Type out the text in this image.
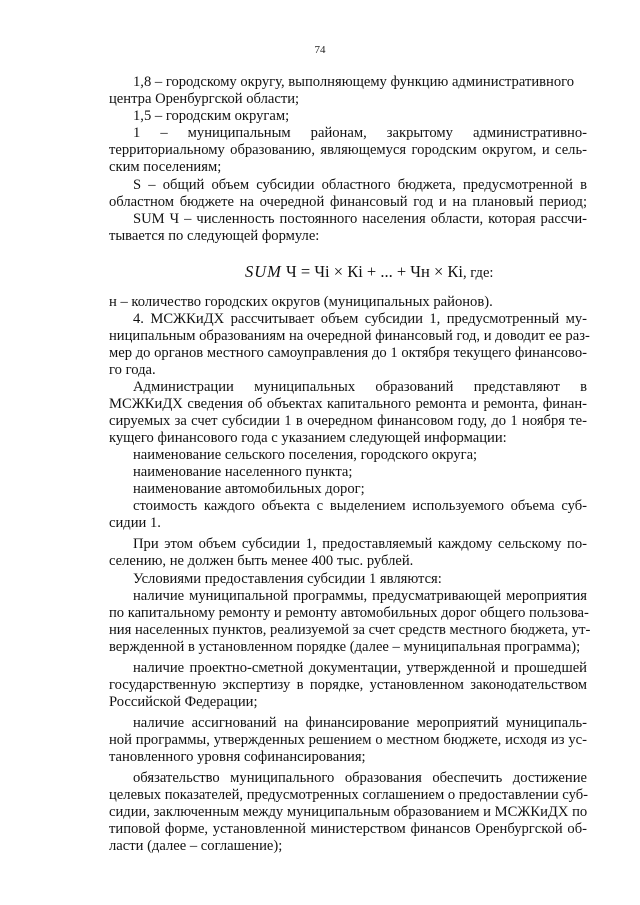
74
1,8 – городскому округу, выполняющему функцию административного
центра Оренбургской области;
1,5 – городским округам;
1 – муниципальным районам, закрытому административно-
территориальному образованию, являющемуся городским округом, и сель-
ским поселениям;
S – общий объем субсидии областного бюджета, предусмотренной в
областном бюджете на очередной финансовый год и на плановый период;
SUM Ч – численность постоянного населения области, которая рассчи-
тывается по следующей формуле:
SUM Ч = Чi × Кi + ... + Чн × Кi, где:
н – количество городских округов (муниципальных районов).
4. МСЖКиДХ рассчитывает объем субсидии 1, предусмотренный му-
ниципальным образованиям на очередной финансовый год, и доводит ее раз-
мер до органов местного самоуправления до 1 октября текущего финансово-
го года.
Администрации муниципальных образований представляют в
МСЖКиДХ сведения об объектах капитального ремонта и ремонта, финан-
сируемых за счет субсидии 1 в очередном финансовом году, до 1 ноября те-
кущего финансового года с указанием следующей информации:
наименование сельского поселения, городского округа;
наименование населенного пункта;
наименование автомобильных дорог;
стоимость каждого объекта с выделением используемого объема суб-
сидии 1.
При этом объем субсидии 1, предоставляемый каждому сельскому по-
селению, не должен быть менее 400 тыс. рублей.
Условиями предоставления субсидии 1 являются:
наличие муниципальной программы, предусматривающей мероприятия
по капитальному ремонту и ремонту автомобильных дорог общего пользова-
ния населенных пунктов, реализуемой за счет средств местного бюджета, ут-
вержденной в установленном порядке (далее – муниципальная программа);
наличие проектно-сметной документации, утвержденной и прошедшей
государственную экспертизу в порядке, установленном законодательством
Российской Федерации;
наличие ассигнований на финансирование мероприятий муниципаль-
ной программы, утвержденных решением о местном бюджете, исходя из ус-
тановленного уровня софинансирования;
обязательство муниципального образования обеспечить достижение
целевых показателей, предусмотренных соглашением о предоставлении суб-
сидии, заключенным между муниципальным образованием и МСЖКиДХ по
типовой форме, установленной министерством финансов Оренбургской об-
ласти (далее – соглашение);
